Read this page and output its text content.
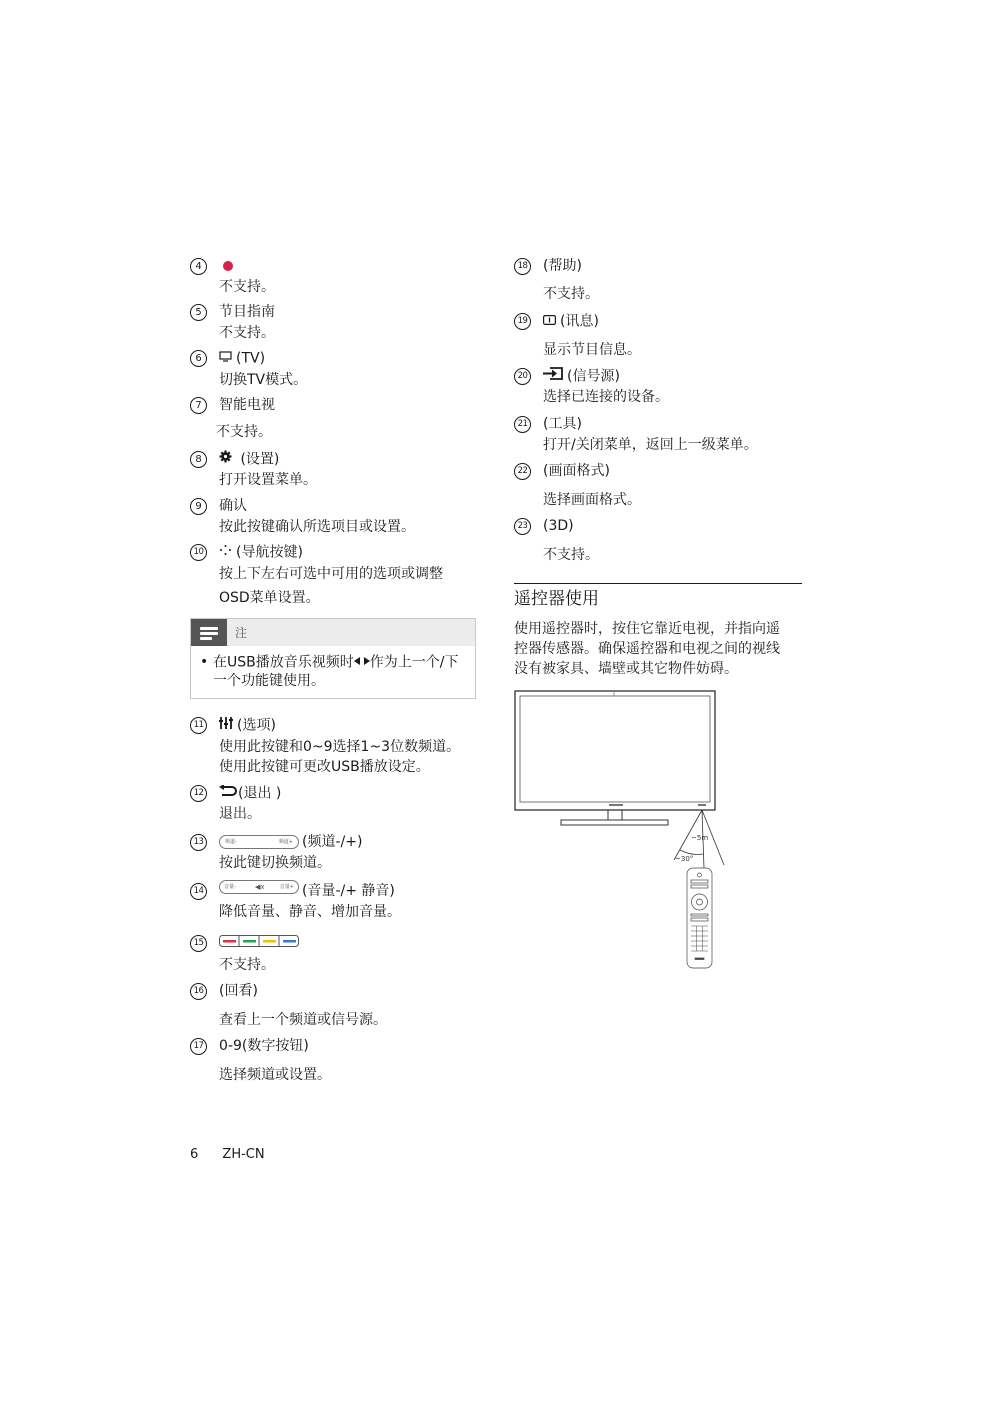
4
不支持。
5	节目指南
不支持。
6	(TV)
切换TV模式。
7	智能电视
不支持。
8	(设置)
打开设置菜单。
9	确认
按此按键确认所选项目或设置。
10	(导航按键)
按上下左右可选中可用的选项或调整
OSD菜单设置。
注
• 在USB播放音乐视频时 作为上一个/下
一个功能键使用。
11	(选项)
使用此按键和0~9选择1~3位数频道。
使用此按键可更改USB播放设定。
12	(退出 )
退出。
13	频道-	频道+ (频道-/+)
按此键切换频道。
14	音量-	◀x	音量+ (音量-/+ 静音)
降低音量、静音、增加音量。
15
不支持。
16 (回看)
查看上一个频道或信号源。
17 0-9(数字按钮)
选择频道或设置。
18 (帮助)
不支持。
19	(讯息)
显示节目信息。
20	(信号源)
选择已连接的设备。
21 (工具)
打开/关闭菜单，返回上一级菜单。
22 (画面格式)
选择画面格式。
23 (3D)
不支持。
遥控器使用
使用遥控器时，按住它靠近电视，并指向遥
控器传感器。确保遥控器和电视之间的视线
没有被家具、墙壁或其它物件妨碍。
~5m
~30°
6 ZH-CN
